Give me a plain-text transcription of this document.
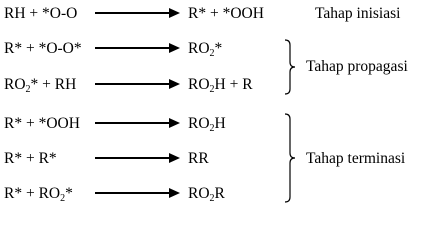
RH + *O-O	R* + *OOH	Tahap inisiasi
R* + *O-O*	$RO_2*$
$RO_2*$ + RH	$RO_2H + R$
Tahap propagasi
R* + *OOH	$RO_2H$
R* + R*	RR
$R* + RO_2*$	$RO_2R$
Tahap terminasi
